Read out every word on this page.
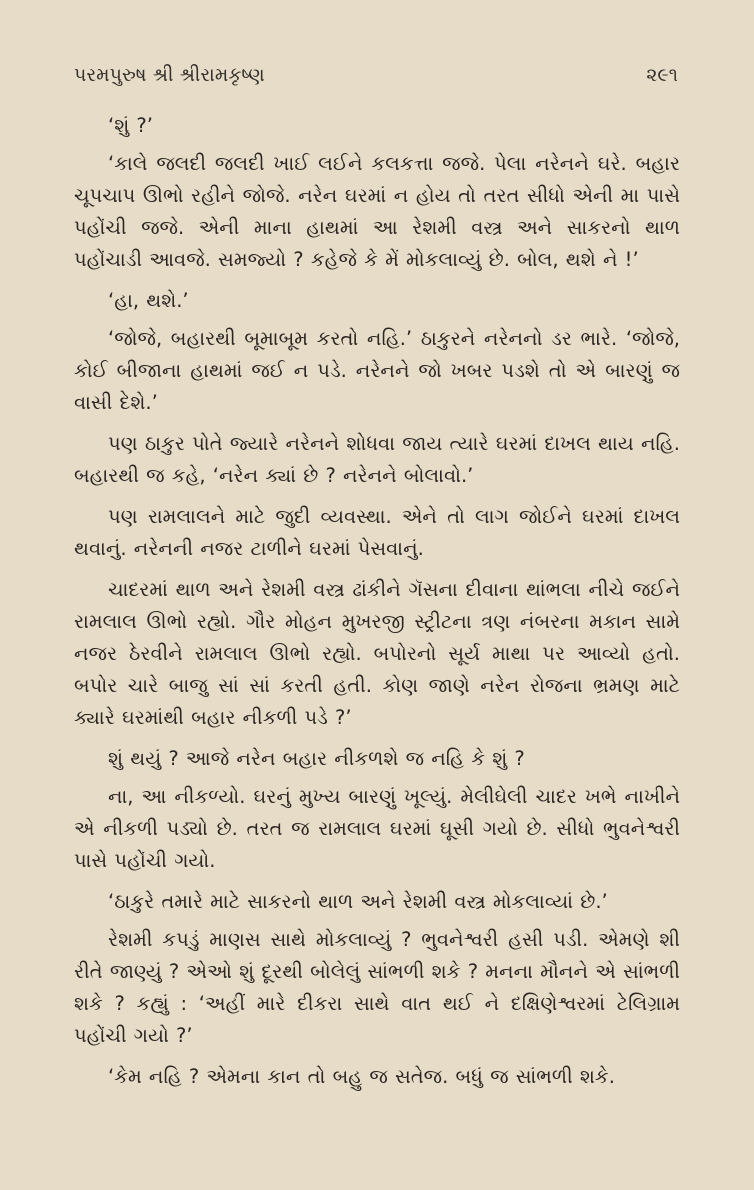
પરમપુરુષ શ્રી શ્રીરામકૃષ્ણ	૨૯૧

‘શું ?’

‘કાલે જલદી જલદી ખાઈ લઈને કલકત્તા જજે. પેલા નરેનને ઘરે. બહાર ચૂપચાપ ઊભો રહીને જોજે. નરેન ઘરમાં ન હોય તો તરત સીધો એની મા પાસે પહોંચી જજે. એની માના હાથમાં આ રેશમી વસ્ત્ર અને સાકરનો થાળ પહોંચાડી આવજે. સમજ્યો ? કહેજે કે મેં મોકલાવ્યું છે. બોલ, થશે ને !’

‘હા, થશે.’

‘જોજે, બહારથી બૂમાબૂમ કરતો નહિ.’ ઠાકુરને નરેનનો ડર ભારે. ‘જોજે, કોઈ બીજાના હાથમાં જઈ ન પડે. નરેનને જો ખબર પડશે તો એ બારણું જ વાસી દેશે.’

પણ ઠાકુર પોતે જ્યારે નરેનને શોધવા જાય ત્યારે ઘરમાં દાખલ થાય નહિ. બહારથી જ કહે, ‘નરેન ક્યાં છે ? નરેનને બોલાવો.’

પણ રામલાલને માટે જુદી વ્યવસ્થા. એને તો લાગ જોઈને ઘરમાં દાખલ થવાનું. નરેનની નજર ટાળીને ઘરમાં પેસવાનું.

ચાદરમાં થાળ અને રેશમી વસ્ત્ર ઢાંકીને ગૅસના દીવાના થાંભલા નીચે જઈને રામલાલ ઊભો રહ્યો. ગૌર મોહન મુખરજી સ્ટ્રીટના ત્રણ નંબરના મકાન સામે નજર ઠેરવીને રામલાલ ઊભો રહ્યો. બપોરનો સૂર્ય માથા પર આવ્યો હતો. બપોર ચારે બાજુ સાં સાં કરતી હતી. કોણ જાણે નરેન રોજના ભ્રમણ માટે ક્યારે ઘરમાંથી બહાર નીકળી પડે ?’

શું થયું ? આજે નરેન બહાર નીકળશે જ નહિ કે શું ?

ના, આ નીકળ્યો. ઘરનું મુખ્ય બારણું ખૂલ્યું. મેલીઘેલી ચાદર ખભે નાખીને એ નીકળી પડ્યો છે. તરત જ રામલાલ ઘરમાં ઘૂસી ગયો છે. સીધો ભુવનેશ્વરી પાસે પહોંચી ગયો.

‘ઠાકુરે તમારે માટે સાકરનો થાળ અને રેશમી વસ્ત્ર મોકલાવ્યાં છે.’

રેશમી કપડું માણસ સાથે મોકલાવ્યું ? ભુવનેશ્વરી હસી પડી. એમણે શી રીતે જાણ્યું ? એઓ શું દૂરથી બોલેલું સાંભળી શકે ? મનના મૌનને એ સાંભળી શકે ? કહ્યું : ‘અહીં મારે દીકરા સાથે વાત થઈ ને દક્ષિણેશ્વરમાં ટેલિગ્રામ પહોંચી ગયો ?’

‘કેમ નહિ ? એમના કાન તો બહુ જ સતેજ. બધું જ સાંભળી શકે.
